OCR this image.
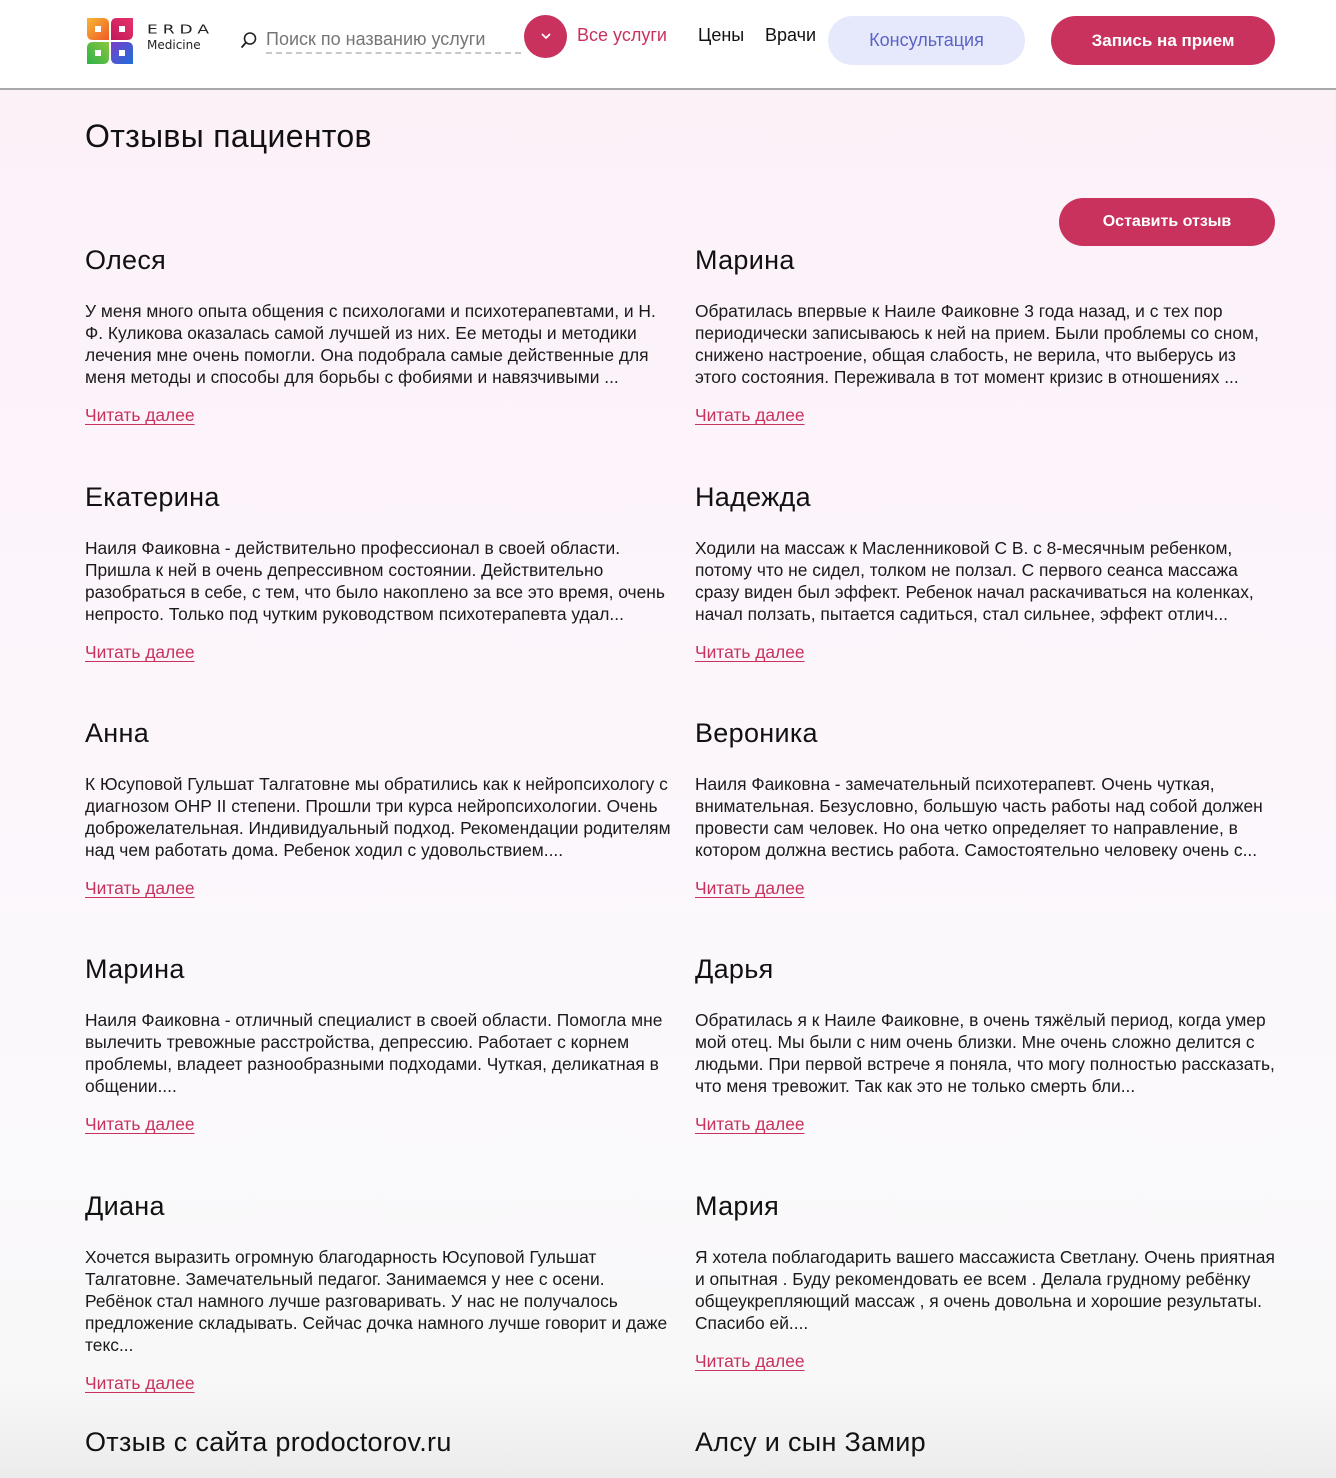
ERDA
Medicine
Поиск по названию услуги	Все услуги Цены Врачи	Консультация	Запись на прием
Отзывы пациентов
Оставить отзыв
Олеся

У меня много опыта общения с психологами и психотерапевтами, и Н. Ф. Куликова оказалась самой лучшей из них. Ее методы и методики лечения мне очень помогли. Она подобрала самые действенные для меня методы и способы для борьбы с фобиями и навязчивыми ...

Читать далее
Марина

Обратилась впервые к Наиле Фаиковне 3 года назад, и с тех пор периодически записываюсь к ней на прием. Были проблемы со сном, снижено настроение, общая слабость, не верила, что выберусь из этого состояния. Переживала в тот момент кризис в отношениях ...

Читать далее
Екатерина

Наиля Фаиковна - действительно профессионал в своей области. Пришла к ней в очень депрессивном состоянии. Действительно разобраться в себе, с тем, что было накоплено за все это время, очень непросто. Только под чутким руководством психотерапевта удал...

Читать далее
Надежда

Ходили на массаж к Масленниковой С В. с 8-месячным ребенком, потому что не сидел, толком не ползал. С первого сеанса массажа сразу виден был эффект. Ребенок начал раскачиваться на коленках, начал ползать, пытается садиться, стал сильнее, эффект отлич...

Читать далее
Анна

К Юсуповой Гульшат Талгатовне мы обратились как к нейропсихологу с диагнозом ОНР II степени. Прошли три курса нейропсихологии. Очень доброжелательная. Индивидуальный подход. Рекомендации родителям над чем работать дома. Ребенок ходил с удовольствием....

Читать далее
Вероника

Наиля Фаиковна - замечательный психотерапевт. Очень чуткая, внимательная. Безусловно, большую часть работы над собой должен провести сам человек. Но она четко определяет то направление, в котором должна вестись работа. Самостоятельно человеку очень с...

Читать далее
Марина

Наиля Фаиковна - отличный специалист в своей области. Помогла мне вылечить тревожные расстройства, депрессию. Работает с корнем проблемы, владеет разнообразными подходами. Чуткая, деликатная в общении....

Читать далее
Дарья

Обратилась я к Наиле Фаиковне, в очень тяжёлый период, когда умер мой отец. Мы были с ним очень близки. Мне очень сложно делится с людьми. При первой встрече я поняла, что могу полностью рассказать, что меня тревожит. Так как это не только смерть бли...

Читать далее
Диана

Хочется выразить огромную благодарность Юсуповой Гульшат Талгатовне. Замечательный педагог. Занимаемся у нее с осени. Ребёнок стал намного лучше разговаривать. У нас не получалось предложение складывать. Сейчас дочка намного лучше говорит и даже текс...

Читать далее
Мария

Я хотела поблагодарить вашего массажиста Светлану. Очень приятная и опытная . Буду рекомендовать ее всем . Делала грудному ребёнку общеукрепляющий массаж , я очень довольна и хорошие результаты. Спасибо ей....

Читать далее
Отзыв с сайта prodoctorov.ru	Алсу и сын Замир
